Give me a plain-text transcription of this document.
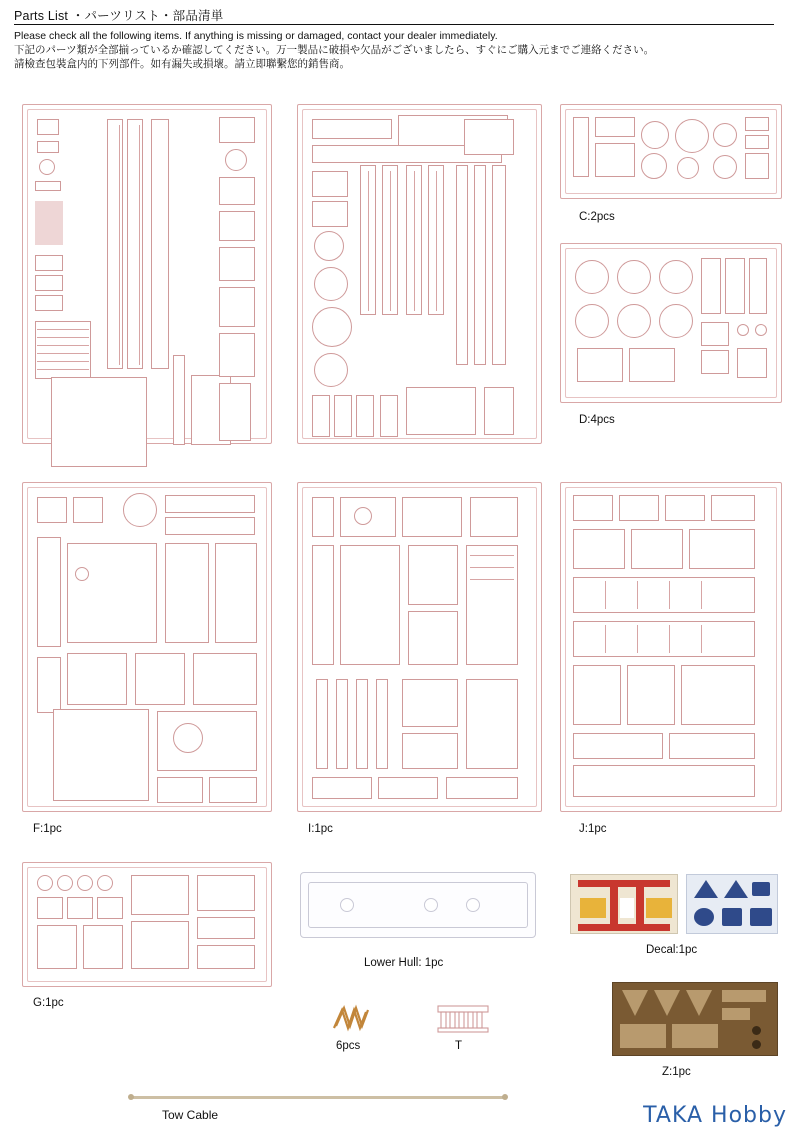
Parts List ・パーツリスト・部品清単
Please check all the following items. If anything is missing or damaged, contact your dealer immediately.
下記のパーツ類が全部揃っているか確認してください。万一製品に破損や欠品がございましたら、すぐにご購入元までご連絡ください。
請檢查包裝盒内的下列部件。如有漏失或損壞。請立即聯繫您的銷售商。
C:2pcs
D:4pcs
F:1pc	I:1pc	J:1pc
G:1pc
Lower Hull: 1pc
6pcs	T
Decal:1pc
Z:1pc
Tow Cable	TAKA Hobby
